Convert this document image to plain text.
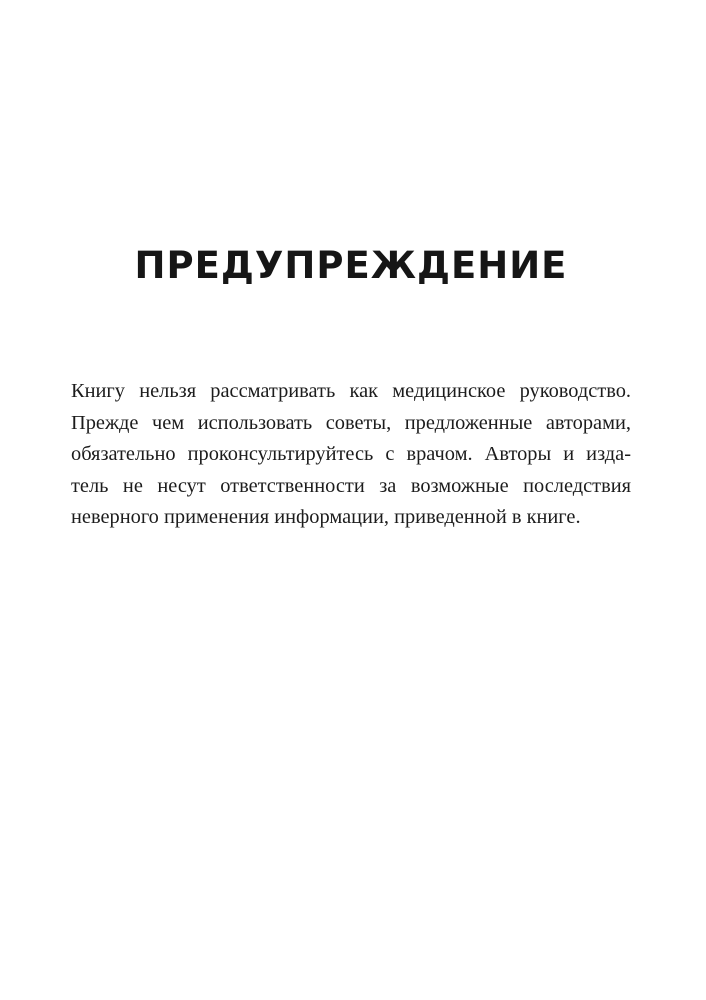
ПРЕДУПРЕЖДЕНИЕ
Книгу нельзя рассматривать как медицинское руководство.
Прежде чем использовать советы, предложенные авторами,
обязательно проконсультируйтесь с врачом. Авторы и изда-
тель не несут ответственности за возможные последствия
неверного применения информации, приведенной в книге.
